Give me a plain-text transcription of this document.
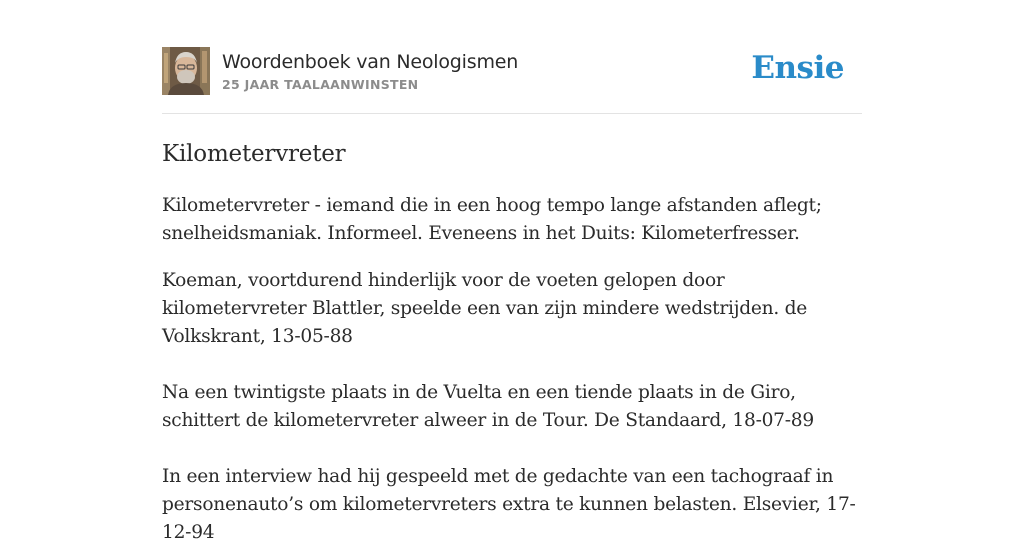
Woordenboek van Neologismen
25 JAAR TAALAANWINSTEN	Ensie
Kilometervreter
Kilometervreter - iemand die in een hoog tempo lange afstanden aflegt; snelheidsmaniak. Informeel. Eveneens in het Duits: Kilometerfresser.
Koeman, voortdurend hinderlijk voor de voeten gelopen door kilometervreter Blattler, speelde een van zijn mindere wedstrijden. de Volkskrant, 13-05-88
Na een twintigste plaats in de Vuelta en een tiende plaats in de Giro, schittert de kilometervreter alweer in de Tour. De Standaard, 18-07-89
In een interview had hij gespeeld met de gedachte van een tachograaf in personenauto’s om kilometervreters extra te kunnen belasten. Elsevier, 17-12-94
